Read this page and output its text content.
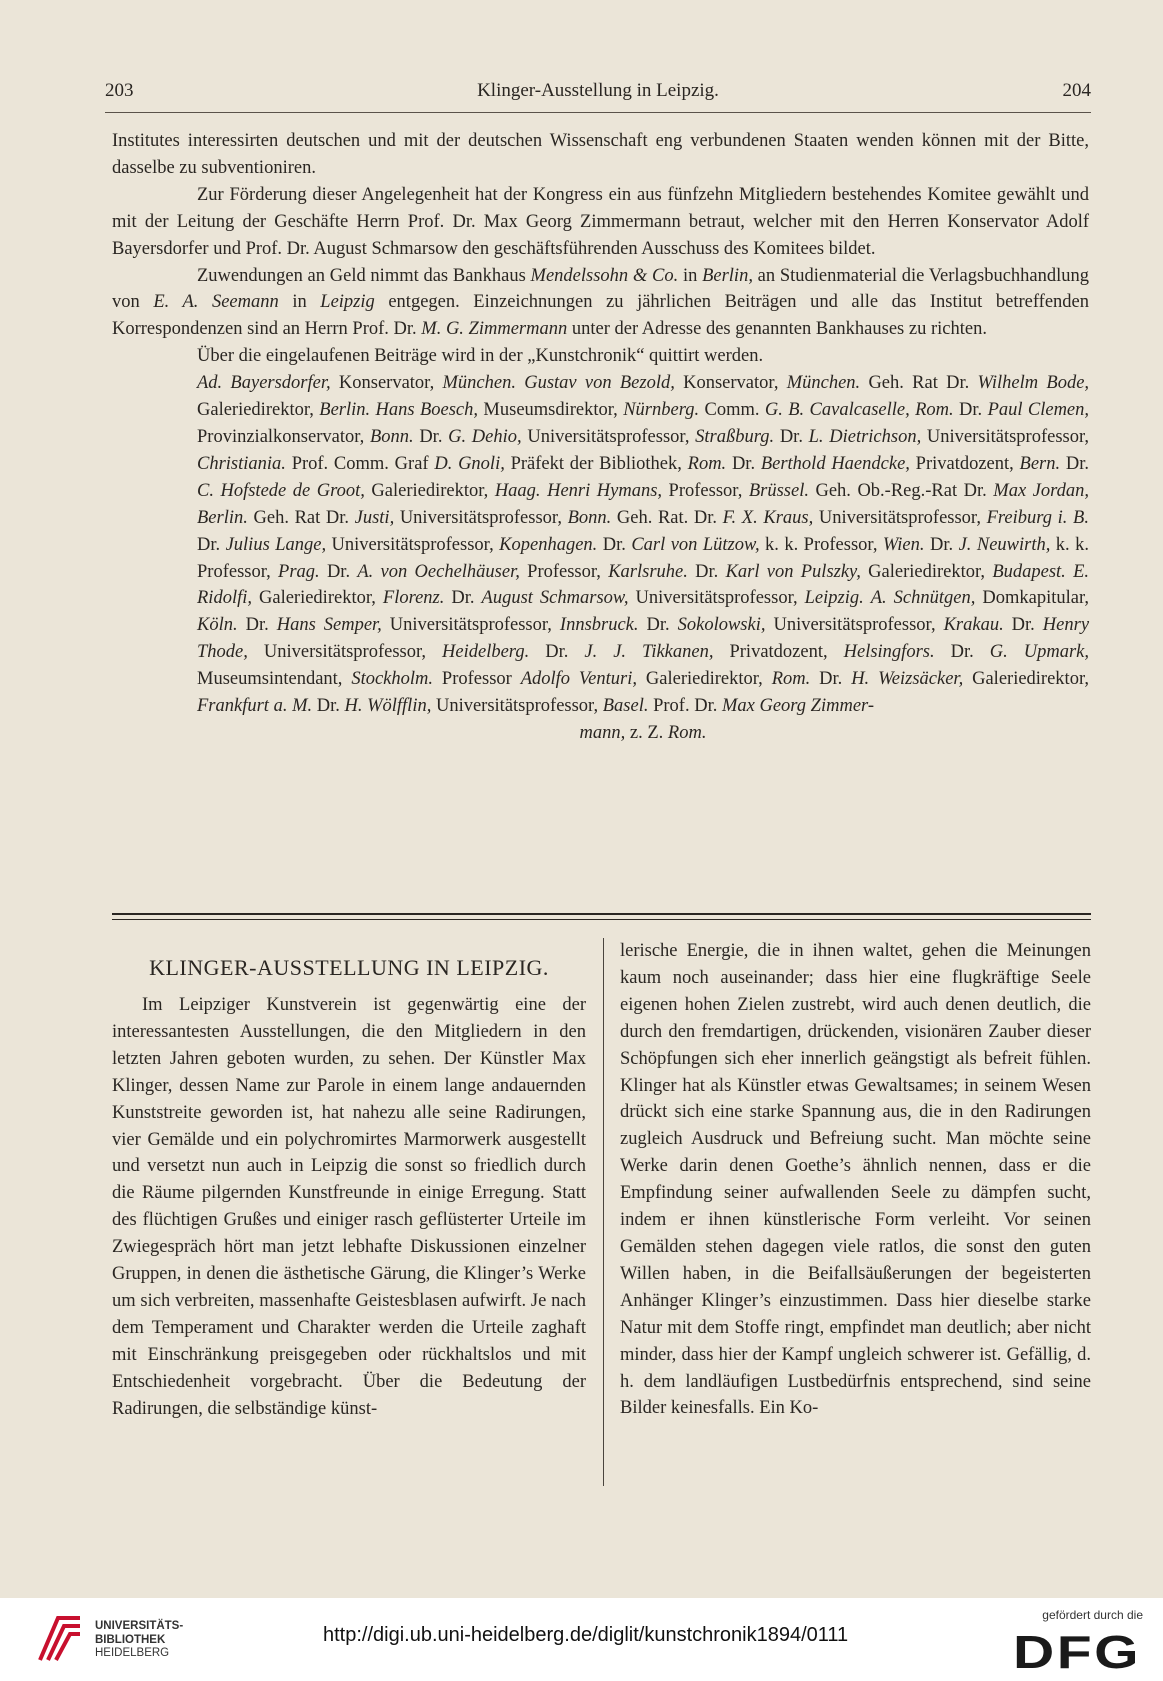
203	Klinger-Ausstellung in Leipzig.	204

Institutes interessirten deutschen und mit der deutschen Wissenschaft eng verbundenen Staaten wenden können mit der Bitte, dasselbe zu subventioniren.

Zur Förderung dieser Angelegenheit hat der Kongress ein aus fünfzehn Mitgliedern bestehendes Komitee gewählt und mit der Leitung der Geschäfte Herrn Prof. Dr. Max Georg Zimmermann betraut, welcher mit den Herren Konservator Adolf Bayersdorfer und Prof. Dr. August Schmarsow den geschäftsführenden Ausschuss des Komitees bildet.

Zuwendungen an Geld nimmt das Bankhaus Mendelssohn & Co. in Berlin, an Studienmaterial die Verlagsbuchhandlung von E. A. Seemann in Leipzig entgegen. Einzeichnungen zu jährlichen Beiträgen und alle das Institut betreffenden Korrespondenzen sind an Herrn Prof. Dr. M. G. Zimmermann unter der Adresse des genannten Bankhauses zu richten.

Über die eingelaufenen Beiträge wird in der „Kunstchronik“ quittirt werden.

Ad. Bayersdorfer, Konservator, München. Gustav von Bezold, Konservator, München. Geh. Rat Dr. Wilhelm Bode, Galeriedirektor, Berlin. Hans Boesch, Museumsdirektor, Nürnberg. Comm. G. B. Cavalcaselle, Rom. Dr. Paul Clemen, Provinzialkonservator, Bonn. Dr. G. Dehio, Universitätsprofessor, Straßburg. Dr. L. Dietrichson, Universitätsprofessor, Christiania. Prof. Comm. Graf D. Gnoli, Präfekt der Bibliothek, Rom. Dr. Berthold Haendcke, Privatdozent, Bern. Dr. C. Hofstede de Groot, Galeriedirektor, Haag. Henri Hymans, Professor, Brüssel. Geh. Ob.-Reg.-Rat Dr. Max Jordan, Berlin. Geh. Rat Dr. Justi, Universitätsprofessor, Bonn. Geh. Rat. Dr. F. X. Kraus, Universitätsprofessor, Freiburg i. B. Dr. Julius Lange, Universitätsprofessor, Kopenhagen. Dr. Carl von Lützow, k. k. Professor, Wien. Dr. J. Neuwirth, k. k. Professor, Prag. Dr. A. von Oechelhäuser, Professor, Karlsruhe. Dr. Karl von Pulszky, Galeriedirektor, Budapest. E. Ridolfi, Galeriedirektor, Florenz. Dr. August Schmarsow, Universitätsprofessor, Leipzig. A. Schnütgen, Domkapitular, Köln. Dr. Hans Semper, Universitätsprofessor, Innsbruck. Dr. Sokolowski, Universitätsprofessor, Krakau. Dr. Henry Thode, Universitätsprofessor, Heidelberg. Dr. J. J. Tikkanen, Privatdozent, Helsingfors. Dr. G. Upmark, Museumsintendant, Stockholm. Professor Adolfo Venturi, Galeriedirektor, Rom. Dr. H. Weizsäcker, Galeriedirektor, Frankfurt a. M. Dr. H. Wölfflin, Universitätsprofessor, Basel. Prof. Dr. Max Georg Zimmer-

mann, z. Z. Rom.

KLINGER-AUSSTELLUNG IN LEIPZIG.

Im Leipziger Kunstverein ist gegenwärtig eine der interessantesten Ausstellungen, die den Mitgliedern in den letzten Jahren geboten wurden, zu sehen. Der Künstler Max Klinger, dessen Name zur Parole in einem lange andauernden Kunststreite geworden ist, hat nahezu alle seine Radirungen, vier Gemälde und ein polychromirtes Marmorwerk ausgestellt und versetzt nun auch in Leipzig die sonst so friedlich durch die Räume pilgernden Kunstfreunde in einige Erregung. Statt des flüchtigen Grußes und einiger rasch geflüsterter Urteile im Zwiegespräch hört man jetzt lebhafte Diskussionen einzelner Gruppen, in denen die ästhetische Gärung, die Klinger’s Werke um sich verbreiten, massenhafte Geistesblasen aufwirft. Je nach dem Temperament und Charakter werden die Urteile zaghaft mit Einschränkung preisgegeben oder rückhaltslos und mit Entschiedenheit vorgebracht. Über die Bedeutung der Radirungen, die selbständige künst-

lerische Energie, die in ihnen waltet, gehen die Meinungen kaum noch auseinander; dass hier eine flugkräftige Seele eigenen hohen Zielen zustrebt, wird auch denen deutlich, die durch den fremdartigen, drückenden, visionären Zauber dieser Schöpfungen sich eher innerlich geängstigt als befreit fühlen. Klinger hat als Künstler etwas Gewaltsames; in seinem Wesen drückt sich eine starke Spannung aus, die in den Radirungen zugleich Ausdruck und Befreiung sucht. Man möchte seine Werke darin denen Goethe’s ähnlich nennen, dass er die Empfindung seiner aufwallenden Seele zu dämpfen sucht, indem er ihnen künstlerische Form verleiht. Vor seinen Gemälden stehen dagegen viele ratlos, die sonst den guten Willen haben, in die Beifallsäußerungen der begeisterten Anhänger Klinger’s einzustimmen. Dass hier dieselbe starke Natur mit dem Stoffe ringt, empfindet man deutlich; aber nicht minder, dass hier der Kampf ungleich schwerer ist. Gefällig, d. h. dem landläufigen Lustbedürfnis entsprechend, sind seine Bilder keinesfalls. Ein Ko-

UNIVERSITÄTS-
BIBLIOTHEK
HEIDELBERG
http://digi.ub.uni-heidelberg.de/diglit/kunstchronik1894/0111
gefördert durch die
DFG
